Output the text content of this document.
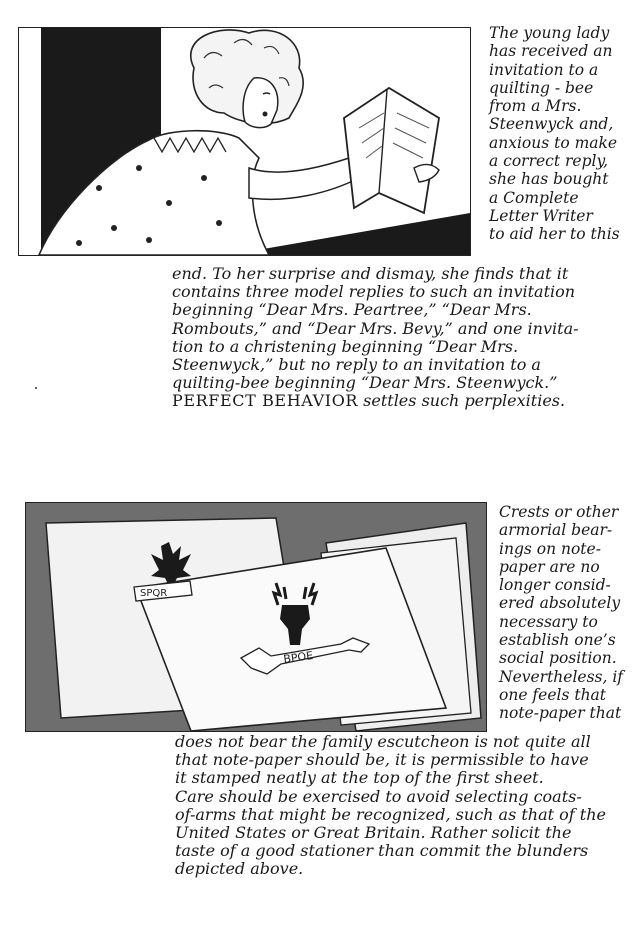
The young lady
has received an
invitation to a
quilting - bee
from a Mrs.
Steenwyck and,
anxious to make
a correct reply,
she has bought
a Complete
Letter Writer
to aid her to this

end. To her surprise and dismay, she finds that it
contains three model replies to such an invitation
beginning “Dear Mrs. Peartree,” “Dear Mrs.
Rombouts,” and “Dear Mrs. Bevy,” and one invita-
tion to a christening beginning “Dear Mrs.
Steenwyck,” but no reply to an invitation to a
quilting-bee beginning “Dear Mrs. Steenwyck.”
PERFECT BEHAVIOR settles such perplexities.

SPQR
BPOE

Crests or other
armorial bear-
ings on note-
paper are no
longer consid-
ered absolutely
necessary to
establish one’s
social position.
Nevertheless, if
one feels that
note-paper that

does not bear the family escutcheon is not quite all
that note-paper should be, it is permissible to have
it stamped neatly at the top of the first sheet.
Care should be exercised to avoid selecting coats-
of-arms that might be recognized, such as that of the
United States or Great Britain. Rather solicit the
taste of a good stationer than commit the blunders
depicted above.
